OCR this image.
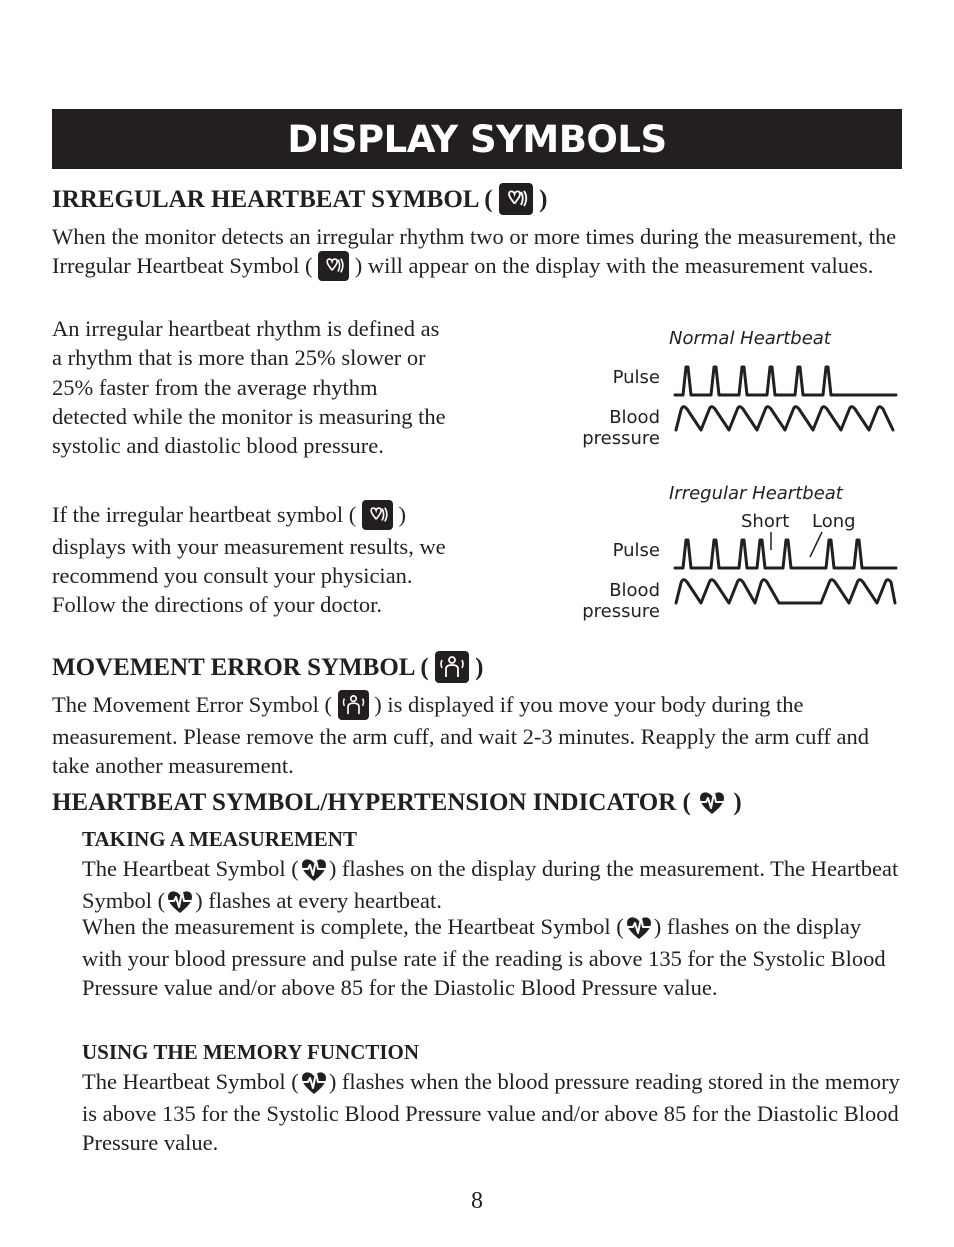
DISPLAY SYMBOLS
IRREGULAR HEARTBEAT SYMBOL (
)

When the monitor detects an irregular rhythm two or more times during the measurement, the Irregular Heartbeat Symbol (
) will appear on the display with the measurement values.

An irregular heartbeat rhythm is defined as a rhythm that is more than 25% slower or 25% faster from the average rhythm detected while the monitor is measuring the systolic and diastolic blood pressure.

If the irregular heartbeat symbol (
) displays with your measurement results, we recommend you consult your physician. Follow the directions of your doctor.

Normal Heartbeat
Pulse
Blood
pressure
Irregular Heartbeat
Short Long
Pulse
Blood
pressure
MOVEMENT ERROR SYMBOL (
)

The Movement Error Symbol (
) is displayed if you move your body during the measurement. Please remove the arm cuff, and wait 2-3 minutes. Reapply the arm cuff and take another measurement.

HEARTBEAT SYMBOL/HYPERTENSION INDICATOR (
)
TAKING A MEASUREMENT

The Heartbeat Symbol ( ) flashes on the display during the measurement. The Heartbeat Symbol ( ) flashes at every heartbeat.

When the measurement is complete, the Heartbeat Symbol ( ) flashes on the display with your blood pressure and pulse rate if the reading is above 135 for the Systolic Blood Pressure value and/or above 85 for the Diastolic Blood Pressure value.

USING THE MEMORY FUNCTION

The Heartbeat Symbol ( ) flashes when the blood pressure reading stored in the memory is above 135 for the Systolic Blood Pressure value and/or above 85 for the Diastolic Blood Pressure value.

8
